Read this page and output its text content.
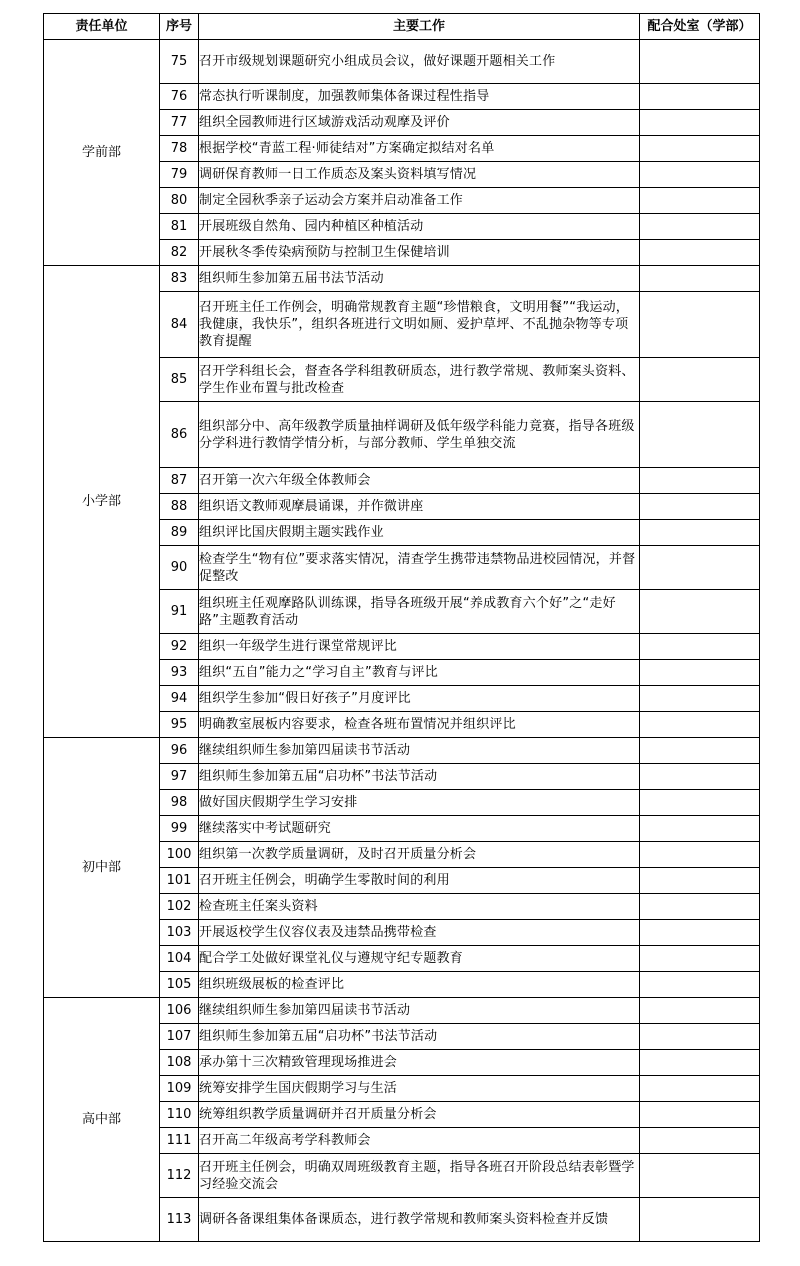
责任单位	序号	主要工作	配合处室（学部）
学前部	75	召开市级规划课题研究小组成员会议，做好课题开题相关工作	
	76	常态执行听课制度，加强教师集体备课过程性指导	
	77	组织全园教师进行区域游戏活动观摩及评价	
	78	根据学校“青蓝工程·师徒结对”方案确定拟结对名单	
	79	调研保育教师一日工作质态及案头资料填写情况	
	80	制定全园秋季亲子运动会方案并启动准备工作	
	81	开展班级自然角、园内种植区种植活动	
	82	开展秋冬季传染病预防与控制卫生保健培训	
小学部	83	组织师生参加第五届书法节活动	
	84	召开班主任工作例会，明确常规教育主题“珍惜粮食，文明用餐”“我运动，我健康，我快乐”，组织各班进行文明如厕、爱护草坪、不乱抛杂物等专项教育提醒	
	85	召开学科组长会，督查各学科组教研质态，进行教学常规、教师案头资料、学生作业布置与批改检查	
	86	组织部分中、高年级教学质量抽样调研及低年级学科能力竟赛，指导各班级分学科进行教情学情分析，与部分教师、学生单独交流	
	87	召开第一次六年级全体教师会	
	88	组织语文教师观摩晨诵课，并作微讲座	
	89	组织评比国庆假期主题实践作业	
	90	检查学生“物有位”要求落实情况，清查学生携带违禁物品进校园情况，并督促整改	
	91	组织班主任观摩路队训练课，指导各班级开展“养成教育六个好”之“走好路”主题教育活动	
	92	组织一年级学生进行课堂常规评比	
	93	组织“五自”能力之“学习自主”教育与评比	
	94	组织学生参加“假日好孩子”月度评比	
	95	明确教室展板内容要求，检查各班布置情况并组织评比	
初中部	96	继续组织师生参加第四届读书节活动	
	97	组织师生参加第五届“启功杯”书法节活动	
	98	做好国庆假期学生学习安排	
	99	继续落实中考试题研究	
	100	组织第一次教学质量调研，及时召开质量分析会	
	101	召开班主任例会，明确学生零散时间的利用	
	102	检查班主任案头资料	
	103	开展返校学生仪容仪表及违禁品携带检查	
	104	配合学工处做好课堂礼仪与遵规守纪专题教育	
	105	组织班级展板的检查评比	
高中部	106	继续组织师生参加第四届读书节活动	
	107	组织师生参加第五届“启功杯”书法节活动	
	108	承办第十三次精致管理现场推进会	
	109	统筹安排学生国庆假期学习与生活	
	110	统筹组织教学质量调研并召开质量分析会	
	111	召开高二年级高考学科教师会	
	112	召开班主任例会，明确双周班级教育主题，指导各班召开阶段总结表彰暨学习经验交流会	
	113	调研各备课组集体备课质态，进行教学常规和教师案头资料检查并反馈	
